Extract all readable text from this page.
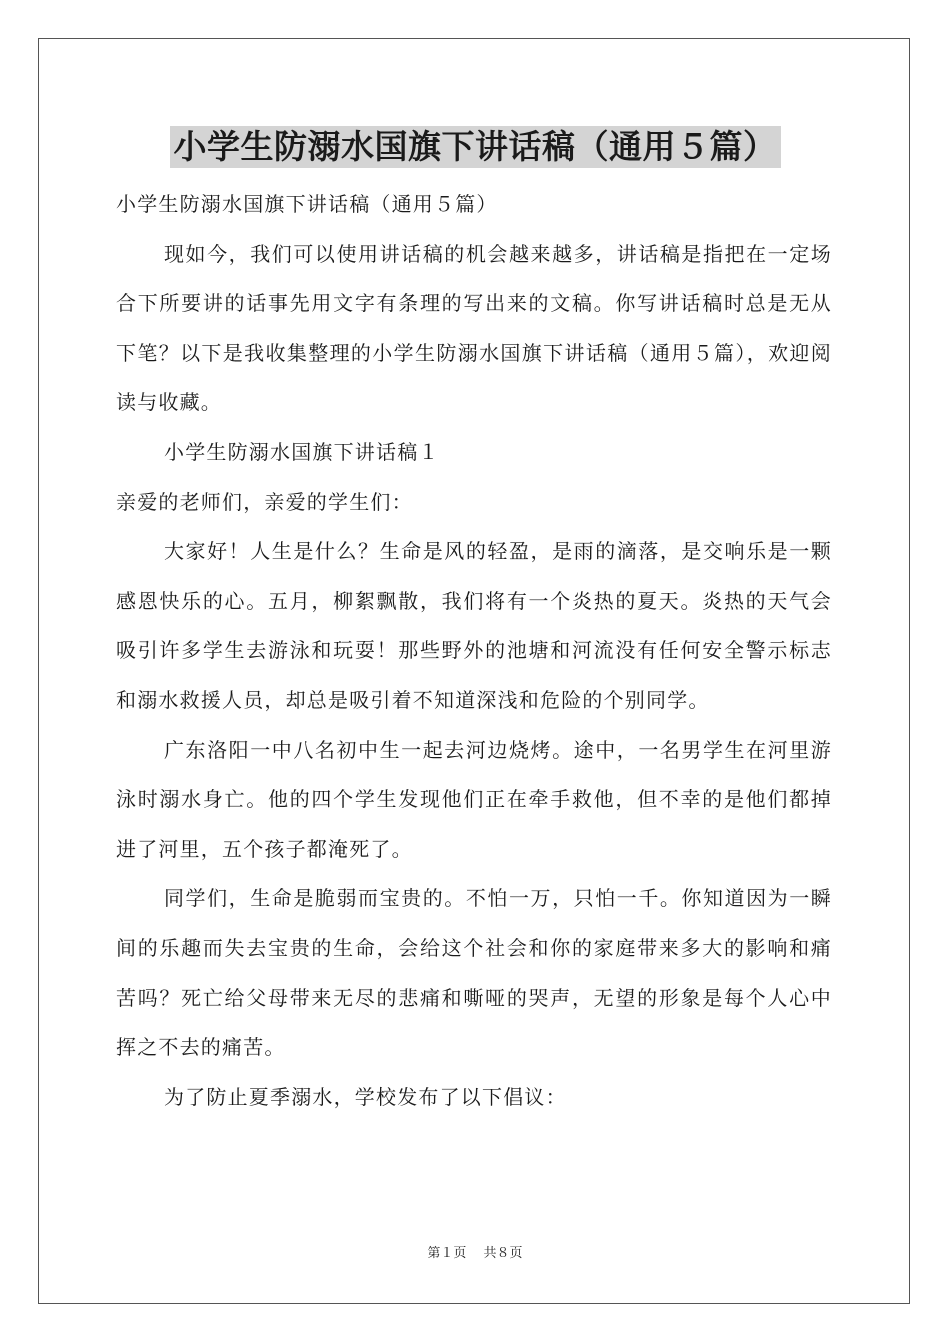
小学生防溺水国旗下讲话稿（通用５篇）

小学生防溺水国旗下讲话稿（通用５篇）

现如今，我们可以使用讲话稿的机会越来越多，讲话稿是指把在一定场合下所要讲的话事先用文字有条理的写出来的文稿。你写讲话稿时总是无从下笔？以下是我收集整理的小学生防溺水国旗下讲话稿（通用５篇），欢迎阅读与收藏。

小学生防溺水国旗下讲话稿１

亲爱的老师们，亲爱的学生们：

大家好！人生是什么？生命是风的轻盈，是雨的滴落，是交响乐是一颗感恩快乐的心。五月，柳絮飘散，我们将有一个炎热的夏天。炎热的天气会吸引许多学生去游泳和玩耍！那些野外的池塘和河流没有任何安全警示标志和溺水救援人员，却总是吸引着不知道深浅和危险的个别同学。

广东洛阳一中八名初中生一起去河边烧烤。途中，一名男学生在河里游泳时溺水身亡。他的四个学生发现他们正在牵手救他，但不幸的是他们都掉进了河里，五个孩子都淹死了。

同学们，生命是脆弱而宝贵的。不怕一万，只怕一千。你知道因为一瞬间的乐趣而失去宝贵的生命，会给这个社会和你的家庭带来多大的影响和痛苦吗？死亡给父母带来无尽的悲痛和嘶哑的哭声，无望的形象是每个人心中挥之不去的痛苦。

为了防止夏季溺水，学校发布了以下倡议：

第１页　 共８页
